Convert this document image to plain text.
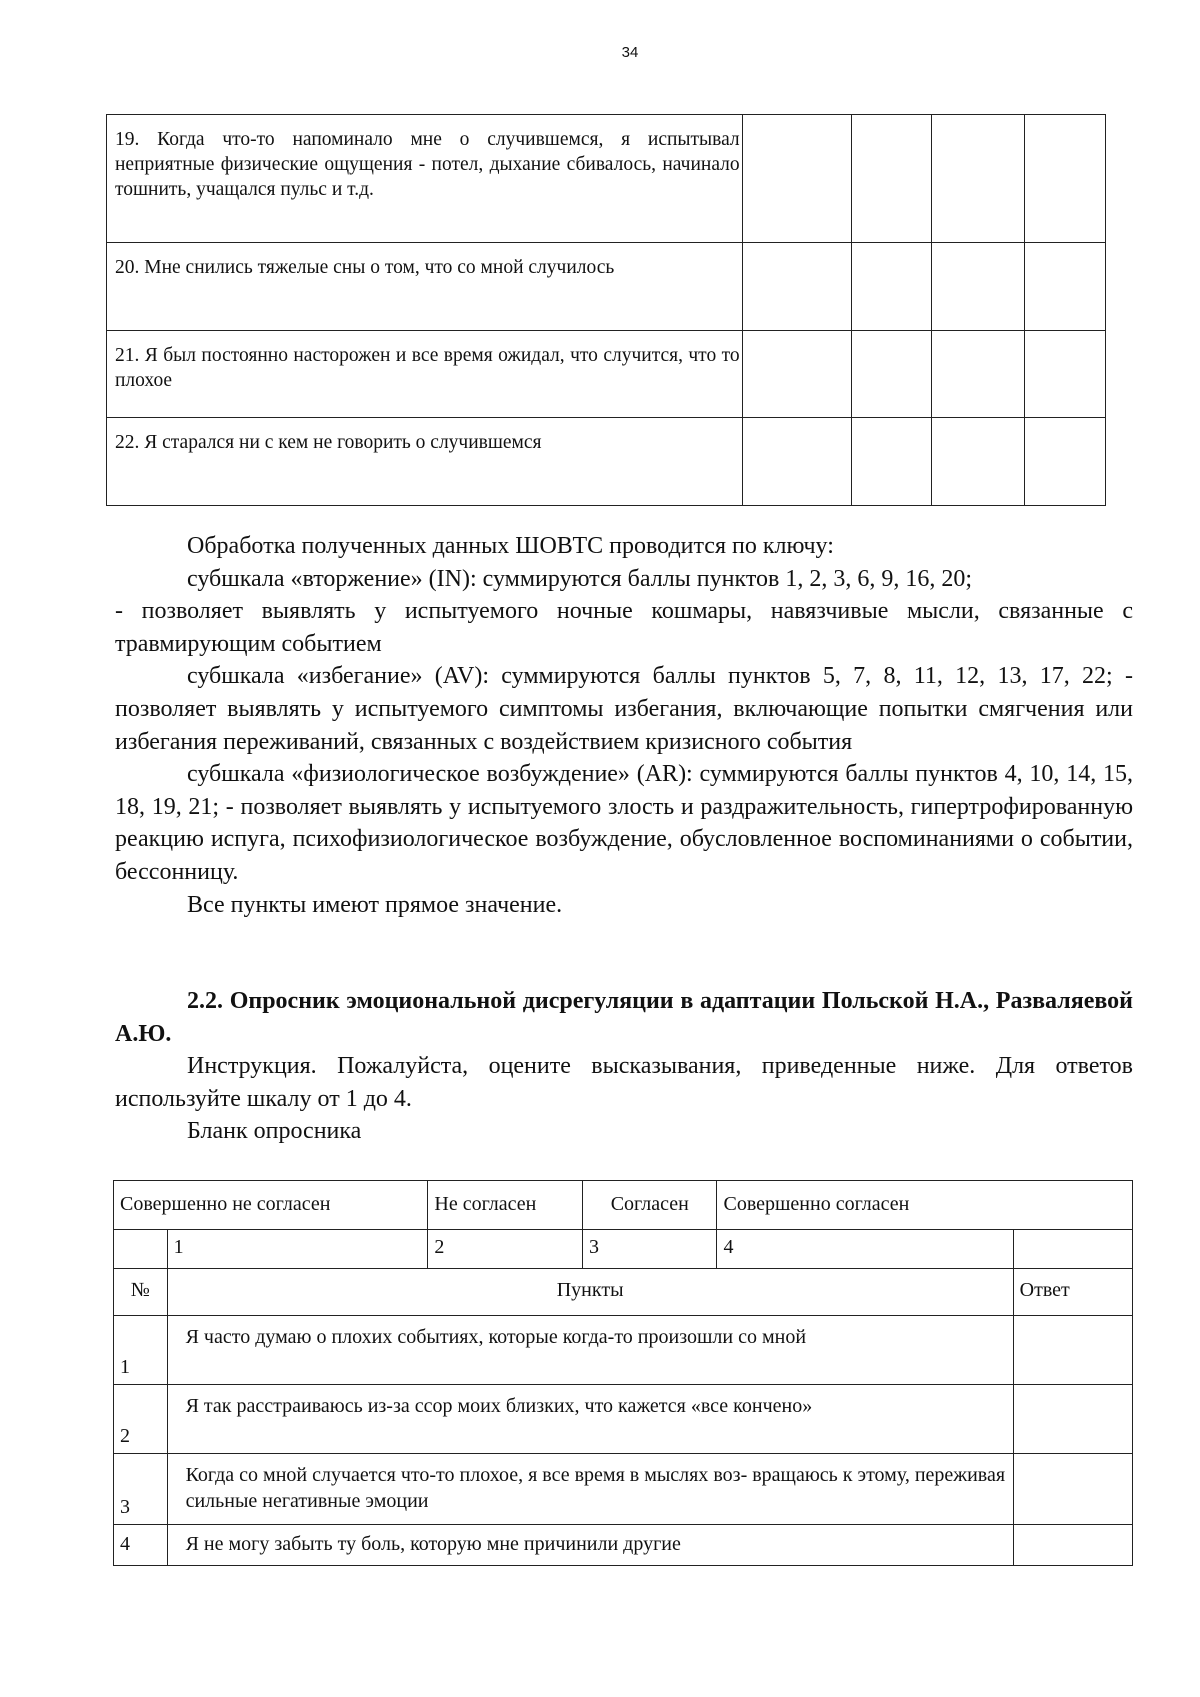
34
19. Когда что-то напоминало мне о случившемся, я испытывал неприятные физические ощущения - потел, дыхание сбивалось, начинало тошнить, учащался пульс и т.д.				
20. Мне снились тяжелые сны о том, что со мной случилось				
21. Я был постоянно насторожен и все время ожидал, что случится, что то плохое				
22. Я старался ни с кем не говорить о случившемся				

Обработка полученных данных ШОВТС проводится по ключу:

субшкала «вторжение» (IN): суммируются баллы пунктов 1, 2, 3, 6, 9, 16, 20;

- позволяет выявлять у испытуемого ночные кошмары, навязчивые мысли, связанные с травмирующим событием

субшкала «избегание» (AV): суммируются баллы пунктов 5, 7, 8, 11, 12, 13, 17, 22; - позволяет выявлять у испытуемого симптомы избегания, включающие попытки смягчения или избегания переживаний, связанных с воздействием кризисного события

субшкала «физиологическое возбуждение» (AR): суммируются баллы пунктов 4, 10, 14, 15, 18, 19, 21; - позволяет выявлять у испытуемого злость и раздражительность, гипертрофированную реакцию испуга, психофизиологическое возбуждение, обусловленное воспоминаниями о событии, бессонницу.

Все пункты имеют прямое значение.

2.2. Опросник эмоциональной дисрегуляции в адаптации Польской Н.А., Разваляевой А.Ю.

Инструкция. Пожалуйста, оцените высказывания, приведенные ниже. Для ответов используйте шкалу от 1 до 4.

Бланк опросника

Совершенно не согласен		Не согласен	Согласен	Совершенно согласен	
	1	2	3	4	
№	Пункты				Ответ
1	Я часто думаю о плохих событиях, которые когда-то произошли со мной				
2	Я так расстраиваюсь из-за ссор моих близких, что кажется «все кончено»				
3	Когда со мной случается что-то плохое, я все время в мыслях воз- вращаюсь к этому, переживая сильные негативные эмоции				
4	Я не могу забыть ту боль, которую мне причинили другие				
